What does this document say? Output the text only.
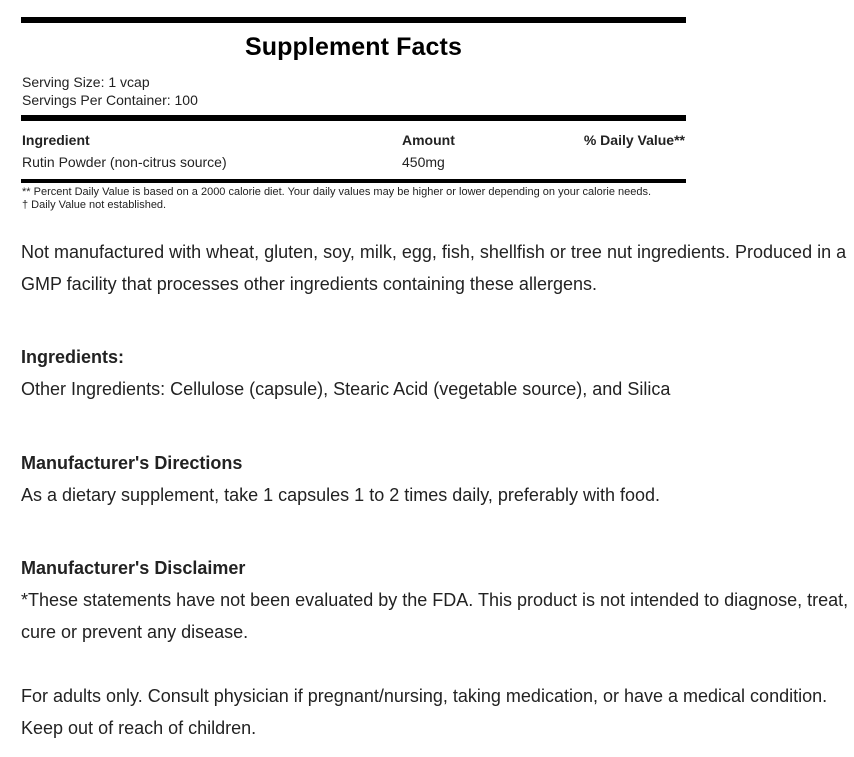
Supplement Facts
Serving Size: 1 vcap
Servings Per Container: 100
Ingredient	Amount	% Daily Value**
Rutin Powder (non-citrus source)	450mg
** Percent Daily Value is based on a 2000 calorie diet. Your daily values may be higher or lower depending on your calorie needs.
† Daily Value not established.

Not manufactured with wheat, gluten, soy, milk, egg, fish, shellfish or tree nut ingredients. Produced in a GMP facility that processes other ingredients containing these allergens.

Ingredients:

Other Ingredients: Cellulose (capsule), Stearic Acid (vegetable source), and Silica

Manufacturer's Directions

As a dietary supplement, take 1 capsules 1 to 2 times daily, preferably with food.

Manufacturer's Disclaimer

*These statements have not been evaluated by the FDA. This product is not intended to diagnose, treat, cure or prevent any disease.

For adults only. Consult physician if pregnant/nursing, taking medication, or have a medical condition. Keep out of reach of children.
